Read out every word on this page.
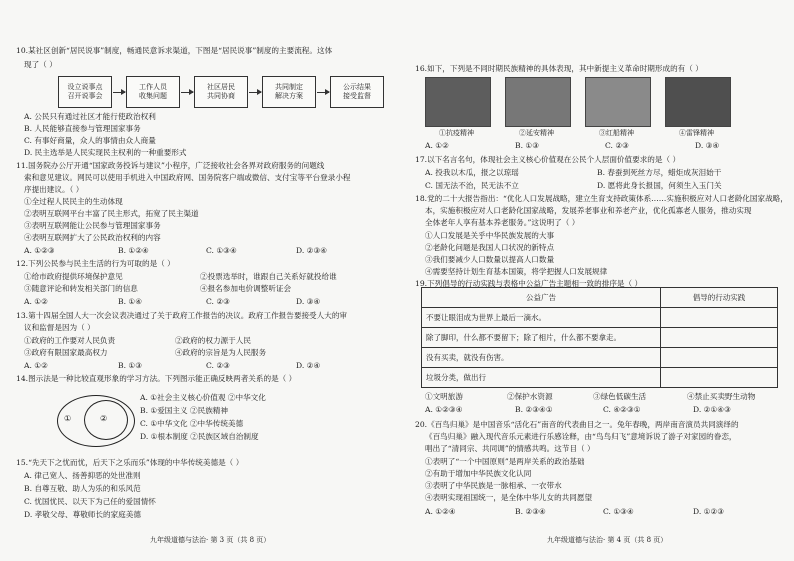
10.某社区创新“居民说事”制度，畅通民意诉求渠道，下图是“居民说事”制度的主要流程。这体
现了（ ）
设立说事点
召开说事会
工作人员
收集问题
社区居民
共同协商
共同制定
解决方案
公示结果
接受监督
A. 公民只有通过社区才能行使政治权利
B. 人民能够直接参与管理国家事务
C. 有事好商量，众人的事情由众人商量
D. 民主选举是人民实现民主权利的一种重要形式
11.国务院办公厅开通“国家政务投诉与建议”小程序，广泛接收社会各界对政府服务的问题线
索和意见建议。网民可以使用手机进入中国政府网、国务院客户端或微信、支付宝等平台登录小程
序提出建议。（ ）
①全过程人民民主的生动体现
②表明互联网平台丰富了民主形式，拓宽了民主渠道
③表明互联网能让公民参与管理国家事务
④表明互联网扩大了公民政治权利的内容
A. ①②③	B. ①②④	C. ①③④	D. ②③④
12.下列公民参与民主生活的行为可取的是（ ）
①给市政府提供环境保护意见	②投票选举时，谁跟自己关系好就投给谁
③随意评论和转发相关部门的信息	④报名参加电价调整听证会
A. ①②	B. ①④	C. ②③	D. ③④
13.第十四届全国人大一次会议表决通过了关于政府工作报告的决议。政府工作报告要接受人大的审
议和监督是因为（ ）
①政府的工作要对人民负责	②政府的权力源于人民
③政府有限国家最高权力	④政府的宗旨是为人民服务
A. ①②	B. ①③	C. ②③	D. ②④
14.图示法是一种比较直观形象的学习方法。下列图示能正确反映两者关系的是（ ）
①	②
A. ①社会主义核心价值观 ②中华文化
B. ①爱国主义 ②民族精神
C. ①中华文化 ②中华传统美德
D. ①根本制度 ②民族区域自治制度
15.“先天下之忧而忧，后天下之乐而乐”体现的中华传统美德是（ ）
A. 律己宽人、扬善抑恶的处世准则
B. 自尊互敬、助人为乐的和乐风范
C. 忧国忧民、以天下为己任的爱国情怀
D. 孝敬父母、尊敬师长的家庭美德
九年级道德与法治· 第 3 页（共 8 页）
16.如下，下列是不同时期民族精神的具体表现，其中新提主义革命时期形成的有（ ）
①抗疫精神	②延安精神	③红船精神	④雷锋精神
A. ①②	B. ①③	C. ②③	D. ③④
17.以下名言名句，体现社会主义核心价值观在公民个人层面价值要求的是（ ）
A. 投我以木瓜，报之以琼瑶	B. 春蚕到死丝方尽，蜡炬成灰泪始干
C. 国无法不治，民无法不立	D. 愿将此身长报国，何须生入玉门关
18.党的二十大报告指出：“优化人口发展战略，建立生育支持政策体系……实施积极应对人口老龄化国家战略，
本，实施积极应对人口老龄化国家战略，发展养老事业和养老产业，优化孤寡老人服务，推动实现
全体老年人享有基本养老服务。”这说明了（ ）
①人口发展是关乎中华民族发展的大事
②老龄化问题是我国人口状况的新特点
③我们要减少人口数量以提高人口数量
④需要坚持计划生育基本国策，将学把握人口发展规律
19.下列倡导的行动实践与表格中公益广告主题相一致的排序是（ ）
公益广告	倡导的行动实践
不要让眼泪成为世界上最后一滴水。	
除了脚印，什么都不要留下；除了相片，什么都不要拿走。	
没有买卖，就没有伤害。	
垃圾分类，做出行	
①文明旅游	②保护水资源	③绿色低碳生活	④禁止买卖野生动物
A. ①②③④	B. ②③④①	C. ④②③①	D. ②①④③
20.《百鸟归巢》是中国音乐“活化石”南音的代表曲目之一。兔年春晚，两岸南音演员共同演绎的
《百鸟归巢》融入现代音乐元素进行乐感诠释，由“鸟鸟归飞”意境诉说了游子对家园的眷恋，
唱出了“清同宗、共同调”的情感共鸣。这节目（ ）
①表明了“一个中国原则”是两岸关系的政治基础
②有助于增加中华民族文化认同
③表明了中华民族是一脉相承、一衣带水
④表明实现祖国统一，是全体中华儿女的共同愿望
A. ①②④	B. ②③④	C. ①③④	D. ①②③
九年级道德与法治· 第 4 页（共 8 页）
